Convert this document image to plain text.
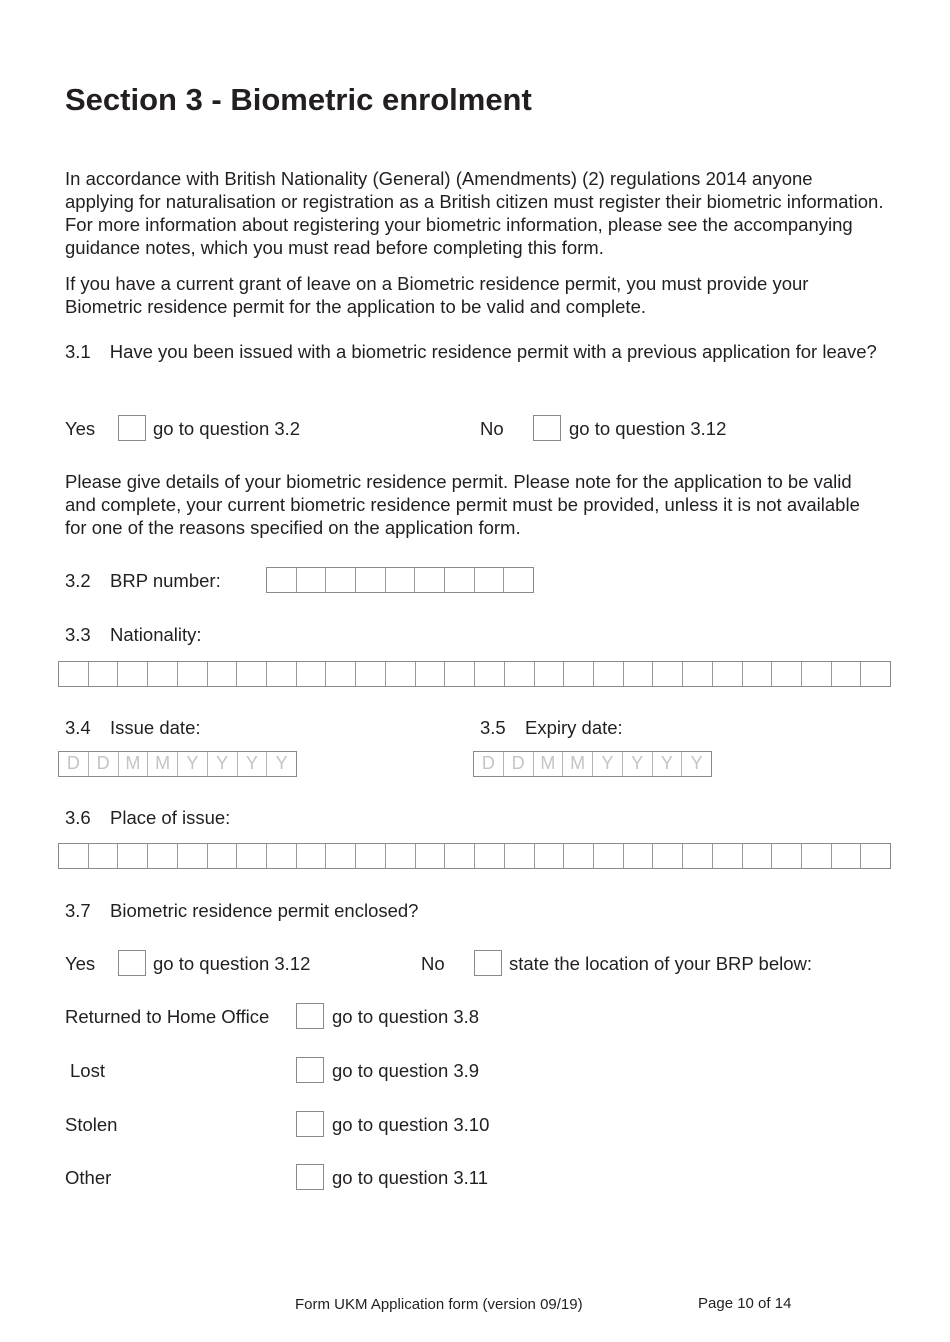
Section 3 - Biometric enrolment

In accordance with British Nationality (General) (Amendments) (2) regulations 2014 anyone applying for naturalisation or registration as a British citizen must register their biometric information. For more information about registering your biometric information, please see the accompanying guidance notes, which you must read before completing this form.

If you have a current grant of leave on a Biometric residence permit, you must provide your Biometric residence permit for the application to be valid and complete.

3.1 Have you been issued with a biometric residence permit with a previous application for leave?

Yes	go to question 3.2	No	go to question 3.12

Please give details of your biometric residence permit. Please note for the application to be valid and complete, your current biometric residence permit must be provided, unless it is not available for one of the reasons specified on the application form.

3.2 BRP number:
3.3 Nationality:
3.4 Issue date:
D D M M Y Y Y Y
3.5 Expiry date:
D D M M Y Y Y Y
3.6 Place of issue:
3.7 Biometric residence permit enclosed?
Yes	go to question 3.12	No	state the location of your BRP below:
Returned to Home Office	go to question 3.8
Lost	go to question 3.9
Stolen	go to question 3.10
Other	go to question 3.11
Form UKM Application form (version 09/19)	Page 10 of 14
